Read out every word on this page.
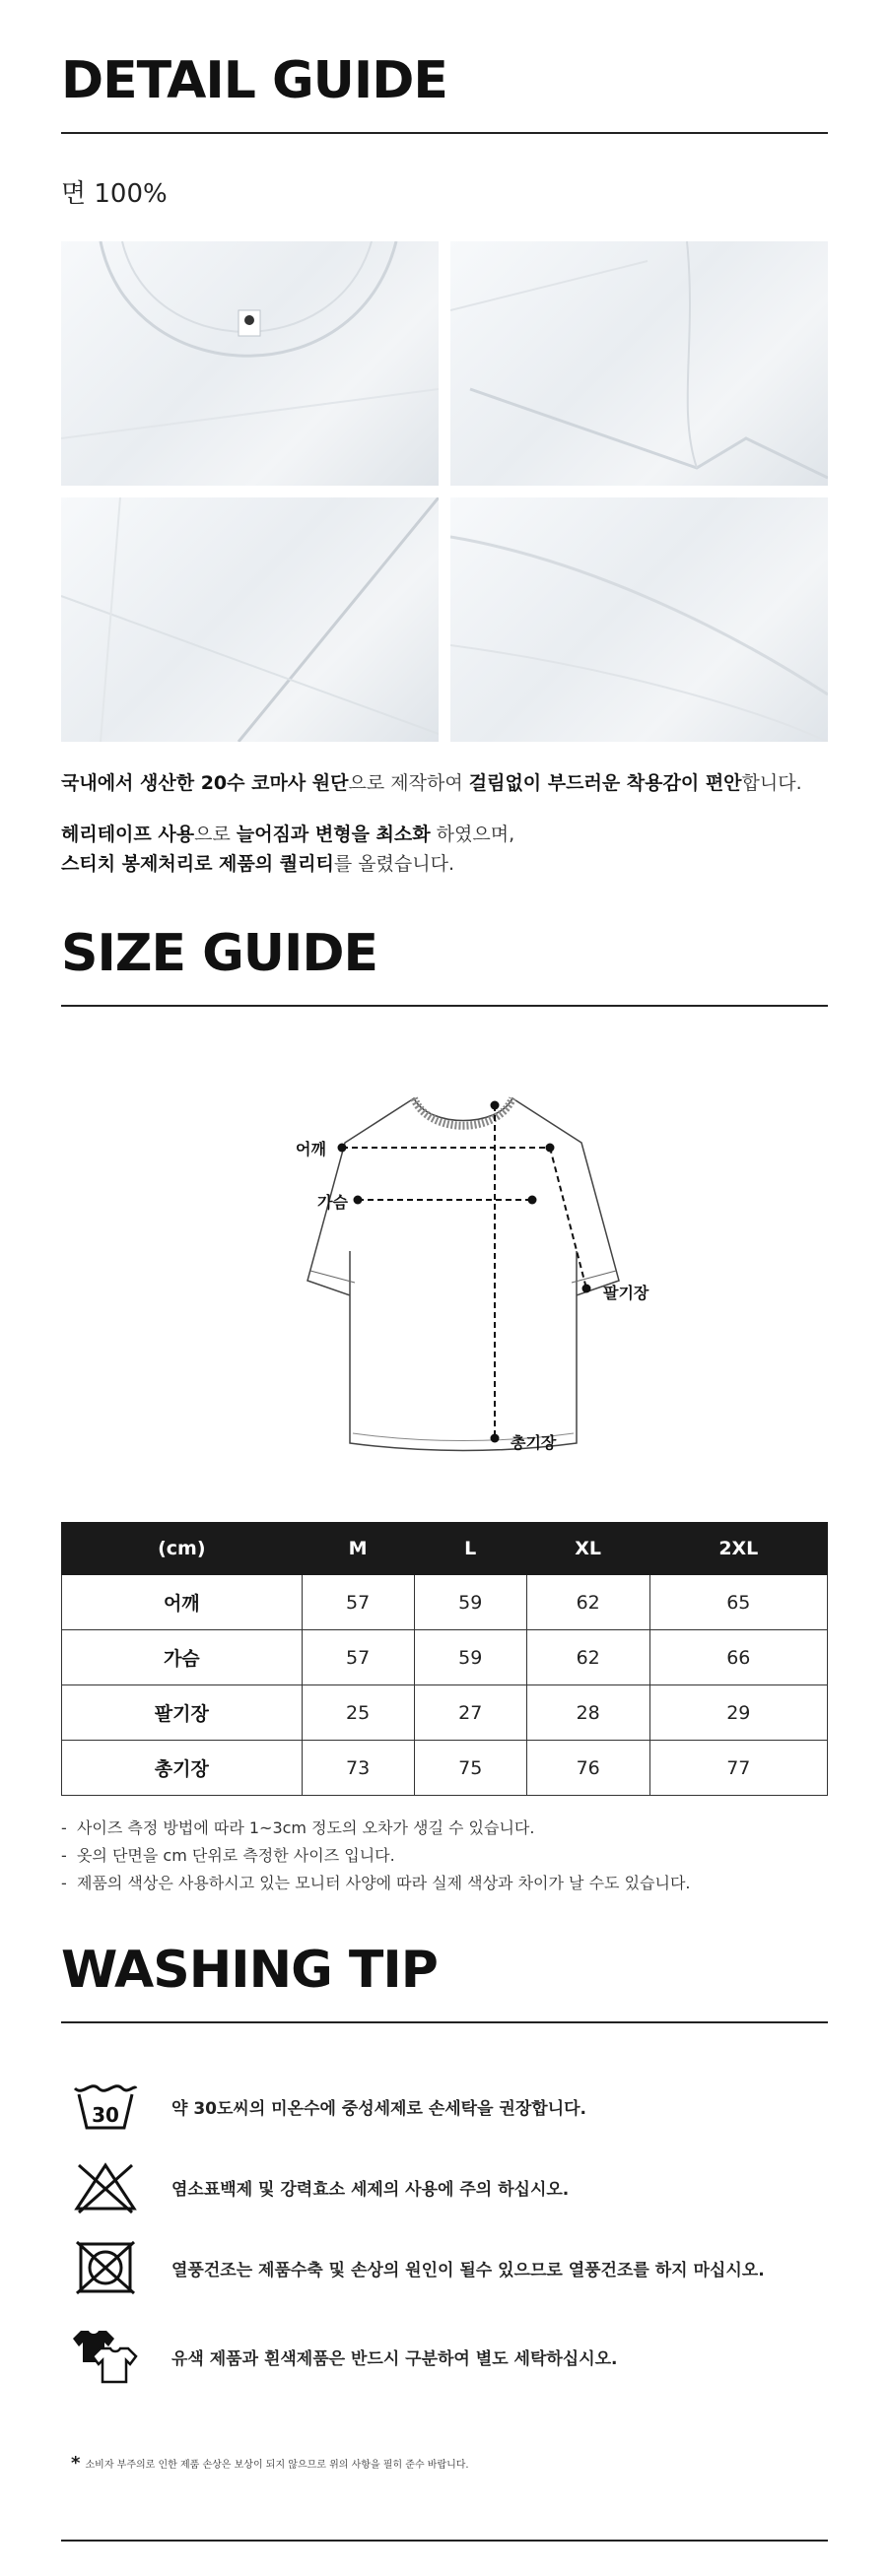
DETAIL GUIDE
면 100%
국내에서 생산한 20수 코마사 원단으로 제작하여 걸림없이 부드러운 착용감이 편안합니다.
헤리테이프 사용으로 늘어짐과 변형을 최소화 하였으며,
스티치 봉제처리로 제품의 퀄리티를 올렸습니다.
SIZE GUIDE
어깨
가슴
팔기장
총기장
(cm)	M	L	XL	2XL
어깨	57	59	62	65
가슴	57	59	62	66
팔기장	25	27	28	29
총기장	73	75	76	77
-  사이즈 측정 방법에 따라 1~3cm 정도의 오차가 생길 수 있습니다.
-  옷의 단면을 cm 단위로 측정한 사이즈 입니다.
-  제품의 색상은 사용하시고 있는 모니터 사양에 따라 실제 색상과 차이가 날 수도 있습니다.
WASHING TIP
30	약 30도씨의 미온수에 중성세제로 손세탁을 권장합니다.
염소표백제 및 강력효소 세제의 사용에 주의 하십시오.
열풍건조는 제품수축 및 손상의 원인이 될수 있으므로 열풍건조를 하지 마십시오.
유색 제품과 흰색제품은 반드시 구분하여 별도 세탁하십시오.
* 소비자 부주의로 인한 제품 손상은 보상이 되지 않으므로 위의 사항을 필히 준수 바랍니다.
